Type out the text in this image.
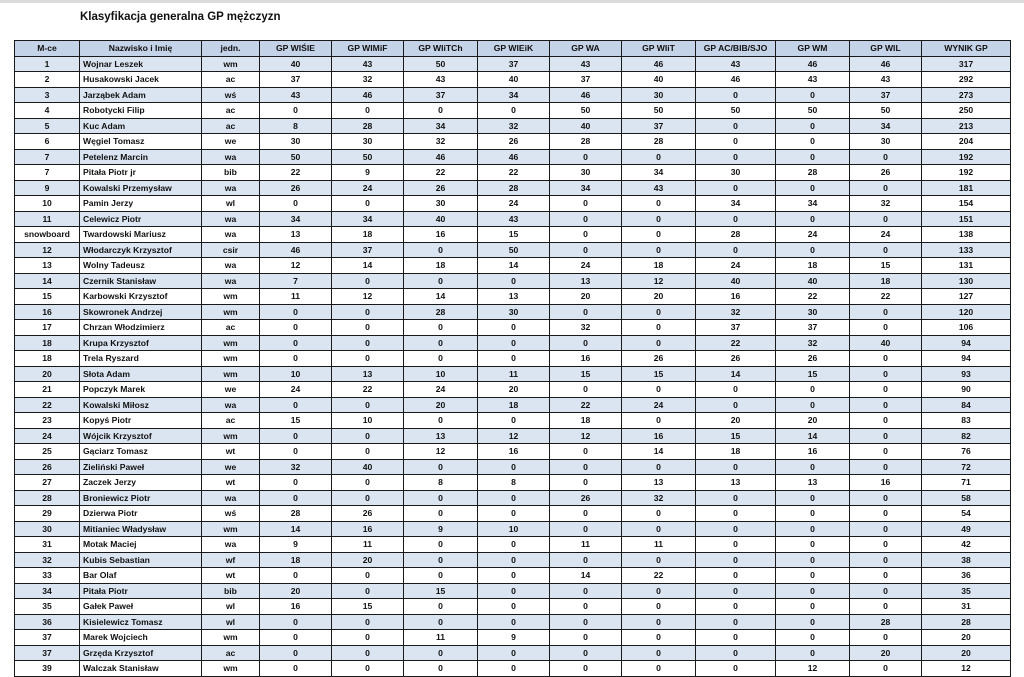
Klasyfikacja generalna GP mężczyzn
M-ce	Nazwisko i Imię	jedn.	GP WIŚIE	GP WIMiF	GP WIiTCh	GP WIEiK	GP WA	GP WIiT	GP AC/BIB/SJO	GP WM	GP WIL	WYNIK GP
1	Wojnar Leszek	wm	40	43	50	37	43	46	43	46	46	317
2	Husakowski Jacek	ac	37	32	43	40	37	40	46	43	43	292
3	Jarząbek Adam	wś	43	46	37	34	46	30	0	0	37	273
4	Robotycki Filip	ac	0	0	0	0	50	50	50	50	50	250
5	Kuc Adam	ac	8	28	34	32	40	37	0	0	34	213
6	Węgiel Tomasz	we	30	30	32	26	28	28	0	0	30	204
7	Petelenz Marcin	wa	50	50	46	46	0	0	0	0	0	192
7	Pitała Piotr jr	bib	22	9	22	22	30	34	30	28	26	192
9	Kowalski Przemysław	wa	26	24	26	28	34	43	0	0	0	181
10	Pamin Jerzy	wl	0	0	30	24	0	0	34	34	32	154
11	Celewicz Piotr	wa	34	34	40	43	0	0	0	0	0	151
snowboard	Twardowski Mariusz	wa	13	18	16	15	0	0	28	24	24	138
12	Włodarczyk Krzysztof	csir	46	37	0	50	0	0	0	0	0	133
13	Wolny Tadeusz	wa	12	14	18	14	24	18	24	18	15	131
14	Czernik Stanisław	wa	7	0	0	0	13	12	40	40	18	130
15	Karbowski Krzysztof	wm	11	12	14	13	20	20	16	22	22	127
16	Skowronek Andrzej	wm	0	0	28	30	0	0	32	30	0	120
17	Chrzan Włodzimierz	ac	0	0	0	0	32	0	37	37	0	106
18	Krupa Krzysztof	wm	0	0	0	0	0	0	22	32	40	94
18	Trela Ryszard	wm	0	0	0	0	16	26	26	26	0	94
20	Słota Adam	wm	10	13	10	11	15	15	14	15	0	93
21	Popczyk Marek	we	24	22	24	20	0	0	0	0	0	90
22	Kowalski Miłosz	wa	0	0	20	18	22	24	0	0	0	84
23	Kopyś Piotr	ac	15	10	0	0	18	0	20	20	0	83
24	Wójcik Krzysztof	wm	0	0	13	12	12	16	15	14	0	82
25	Gąciarz Tomasz	wt	0	0	12	16	0	14	18	16	0	76
26	Zieliński Paweł	we	32	40	0	0	0	0	0	0	0	72
27	Zaczek Jerzy	wt	0	0	8	8	0	13	13	13	16	71
28	Broniewicz Piotr	wa	0	0	0	0	26	32	0	0	0	58
29	Dzierwa Piotr	wś	28	26	0	0	0	0	0	0	0	54
30	Mitianiec Władysław	wm	14	16	9	10	0	0	0	0	0	49
31	Motak Maciej	wa	9	11	0	0	11	11	0	0	0	42
32	Kubis Sebastian	wf	18	20	0	0	0	0	0	0	0	38
33	Bar Olaf	wt	0	0	0	0	14	22	0	0	0	36
34	Pitała Piotr	bib	20	0	15	0	0	0	0	0	0	35
35	Gałek Paweł	wl	16	15	0	0	0	0	0	0	0	31
36	Kisielewicz Tomasz	wl	0	0	0	0	0	0	0	0	28	28
37	Marek Wojciech	wm	0	0	11	9	0	0	0	0	0	20
37	Grzęda Krzysztof	ac	0	0	0	0	0	0	0	0	20	20
39	Walczak Stanisław	wm	0	0	0	0	0	0	0	12	0	12
